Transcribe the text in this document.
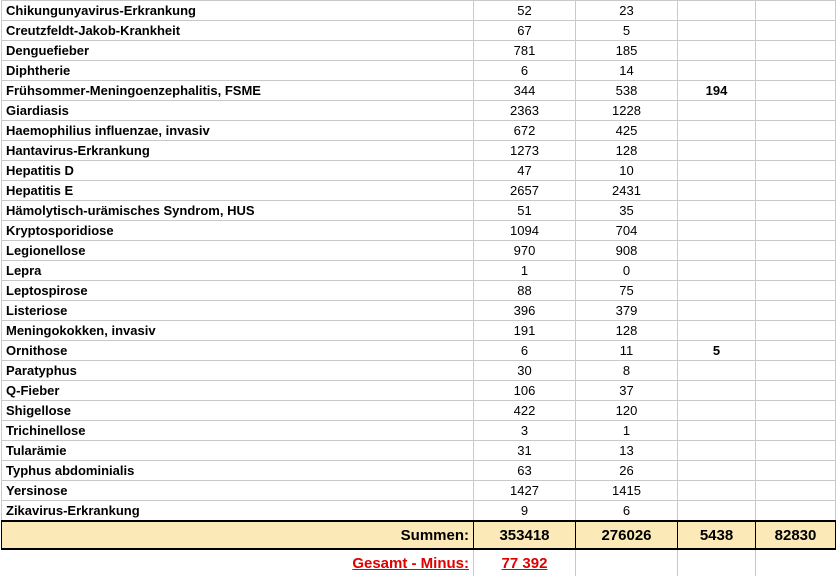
Chikungunyavirus-Erkrankung	52	23		
Creutzfeldt-Jakob-Krankheit	67	5		
Denguefieber	781	185		
Diphtherie	6	14		
Frühsommer-Meningoenzephalitis, FSME	344	538	194	
Giardiasis	2363	1228		
Haemophilius influenzae, invasiv	672	425		
Hantavirus-Erkrankung	1273	128		
Hepatitis D	47	10		
Hepatitis E	2657	2431		
Hämolytisch-urämisches Syndrom, HUS	51	35		
Kryptosporidiose	1094	704		
Legionellose	970	908		
Lepra	1	0		
Leptospirose	88	75		
Listeriose	396	379		
Meningokokken, invasiv	191	128		
Ornithose	6	11	5	
Paratyphus	30	8		
Q-Fieber	106	37		
Shigellose	422	120		
Trichinellose	3	1		
Tularämie	31	13		
Typhus abdominialis	63	26		
Yersinose	1427	1415		
Zikavirus-Erkrankung	9	6		
Summen:	353418	276026	5438	82830
Gesamt - Minus:	77 392			
